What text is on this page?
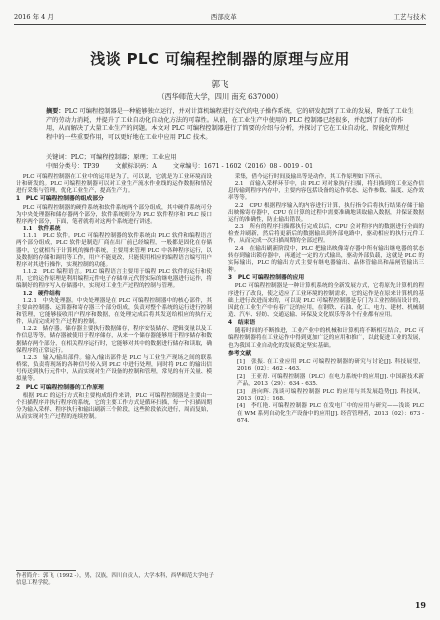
2016 年 4 月	西部皮革	工艺与技术
浅谈 PLC 可编程控制器的原理与应用
郭飞
（西华师范大学，四川 南充 637000）
摘要：PLC 可编程控制器是一种能够独立运行，并对计算机编程进行交代的电子操作系统，它的研发起到了工业的发展，降低了工业生产的劳动力消耗，并提升了工业自动化自动化方法的可靠性。从前，在工业生产中使用的 PLC 控制器已经很多，并起到了良好的作用，从而解决了大量工业生产的问题。本文对 PLC 可编程控制器进行了简要的介绍与分析，并探讨了它在工业自动化、智能化管理过程中的一些重要作用，可以更好地在工业中应用 PLC 技术。
关键词：PLC；可编程控制器；原理；工业应用
中图分类号：TP39	文献标识码：A	文章编号：1671 - 1602（2016）08 - 0019 - 01

PLC 可编程控制器在工业中的运用是为了，可以说，它就是为工业环境而设计和研发的。PLC 可编程控制器可以对工业生产流水作业线的运作数据和情况进行采集与管理，优化工业生产，提高生产力。

1　PLC 可编程控制器的组成部分

PLC 可编程控制器的硬件系统和软件系统两个部分组成，其中硬件系统可分为中央处理器和储存器两个部分，软件系统则分为 PLC 软件程序和 PLC 接口程序两个部分，下面，笔者就将对这两个系统进行讲述。

1.1　软件系统

1.1.1　PLC 软件。PLC 可编程控制器的软件系统由 PLC 软件和编程语言两个部分组成，PLC 软件是制造厂商在出厂前已经编程，一般都是固化在存储器中，它就相当于计算机的操作系统，主要用来管理 PLC 中各种程序运行，以及数据的存储和调用等工作，用户不能更改，只能使用相应的编程语言编写用户程序对其进行操作，实现控制的功能。

1.1.2　PLC 编程语言。PLC 编程语言主要用于编程 PLC 软件的运行和使用，它的运作原理是利用编程元件电子存储单元代替实际的继电器进行运作，将编制好的程序写入存储器中，实现对工业生产过程的控制与管理。

1.2　硬件结构

1.2.1　中央处理器。中央处理器是在 PLC 可编程控制器中的核心部件，其主要由控制器、运算器和寄存器三个部分组成，负责对整个系统的运行进行控制和管理，它能够接收用户程序和数据，在处理完成后将其发送给相应的执行元件，从而完成对生产过程的控制。

1.2.2　储存器。储存器主要执行数据储存，程序安装储存、逻辑变量以及工作信息等等，储存器被使用于程序储存，从来一个储存器能够用于程序储存和数据储存两个部分，在相关程序运行时，它能够对其中的数据进行储存和读取，确保程序的正常运行。

1.2.3　输入/输出部件。输入/输出部件是 PLC 与工业生产现场之间的联系桥梁，负责将现场的各种信号传入到 PLC 中进行处理，同时将 PLC 的输出信号传送到执行元件中，从而实现对生产设备的控制和管理，常见的有开关量、模拟量等。

2　PLC 可编程控制器的工作原理

根据 PLC 的运行方式和主要构成组件来讲，PLC 可编程控制器是主要由一个扫描程序并执行程序的系统，它的主要工作方式是循环扫描，每一个扫描周期分为输入采样、程序执行和输出刷新三个阶段，这些阶段依次进行，周而复始，从而实现对生产过程的连续控制。

采集，借今运行时间及输出等是动作，其工作原理如下所示。

2.1　首输入采样环节中，由 PLC 对对象执行扫描，将扫描到的工业运作信息传输到程序内存中，主要内容包括设备的运作状态、运作参数、温度、运作效率等等。

2.2　CPU 根据程序输入的内容进行计算，执行指令后将执行结果存储于输出映像寄存器中，CPU 在计算的过程中需要准确地读取输入数据，并保证数据运行的准确性，防止输出错误。

2.3　所有的程序扫描都执行完成以后，CPU 会对程序内的数据进行全面的检查并刷新，然后将更新后的数据输出到外部电路中，驱动相应的执行元件工作，从而完成一次扫描周期的全部过程。

2.4　在输出刷新阶段中，PLC 把输出映像寄存器中所有输出继电器的状态转存到输出锁存器中，再通过一定的方式输出，驱动外部负载，这就是 PLC 的实际输出，PLC 的输出方式主要有继电器输出、晶体管输出和晶闸管输出三种。

3　PLC 可编程控制器的应用

PLC 可编程控制器是一种计算机系统的全新发展方式，它将原先计算机的程序进行了改良，使之适应了工业环境的控制需求，它的运作是在原来计算机的基础上进行改进而来的，可以说 PLC 可编程控制器是专门为工业控制而设计的，因此在工业生产中有着广泛的应用，在钢铁、石油、化工、电力、建材、机械制造、汽车、轻纺、交通运输、环保及文化娱乐等各个行业都有应用。

4　结束语

随着时间的不断推进，工业产业中的机械和计算机将不断相互结合，PLC 可编程控制器将在工业运作中得到更加广泛的应用和推广，以此促进工业的发展，也为我国工业自动化的发展奠定坚实基础。

参考文献

[1]　张振. 在工业应用 PLC 可编程控制器的研究与讨论[J]. 科技展望，2016（02）：462 - 463.

[2]　王亚青. 可编程控制器（PLC）在电力系统中的应用[J]. 中国新技术新产品，2013（29）：634 - 635.

[3]　唐向辉. 浅谈可编程控制器 PLC 的应用与其发展趋势[J]. 科技风，2013（02）：168.

[4]　李红艳. 可编程控制器 PLC 在发电厂中的应用与研究——浅谈 PLC 在 WM 系列自动化生产设备中的应用[J]. 经营管理者，2013（02）：673 - 674.

作者简介：郭飞（1992 -），男，汉族，四川自贡人，大学本科，西华师范大学电子信息工程学院。
19
